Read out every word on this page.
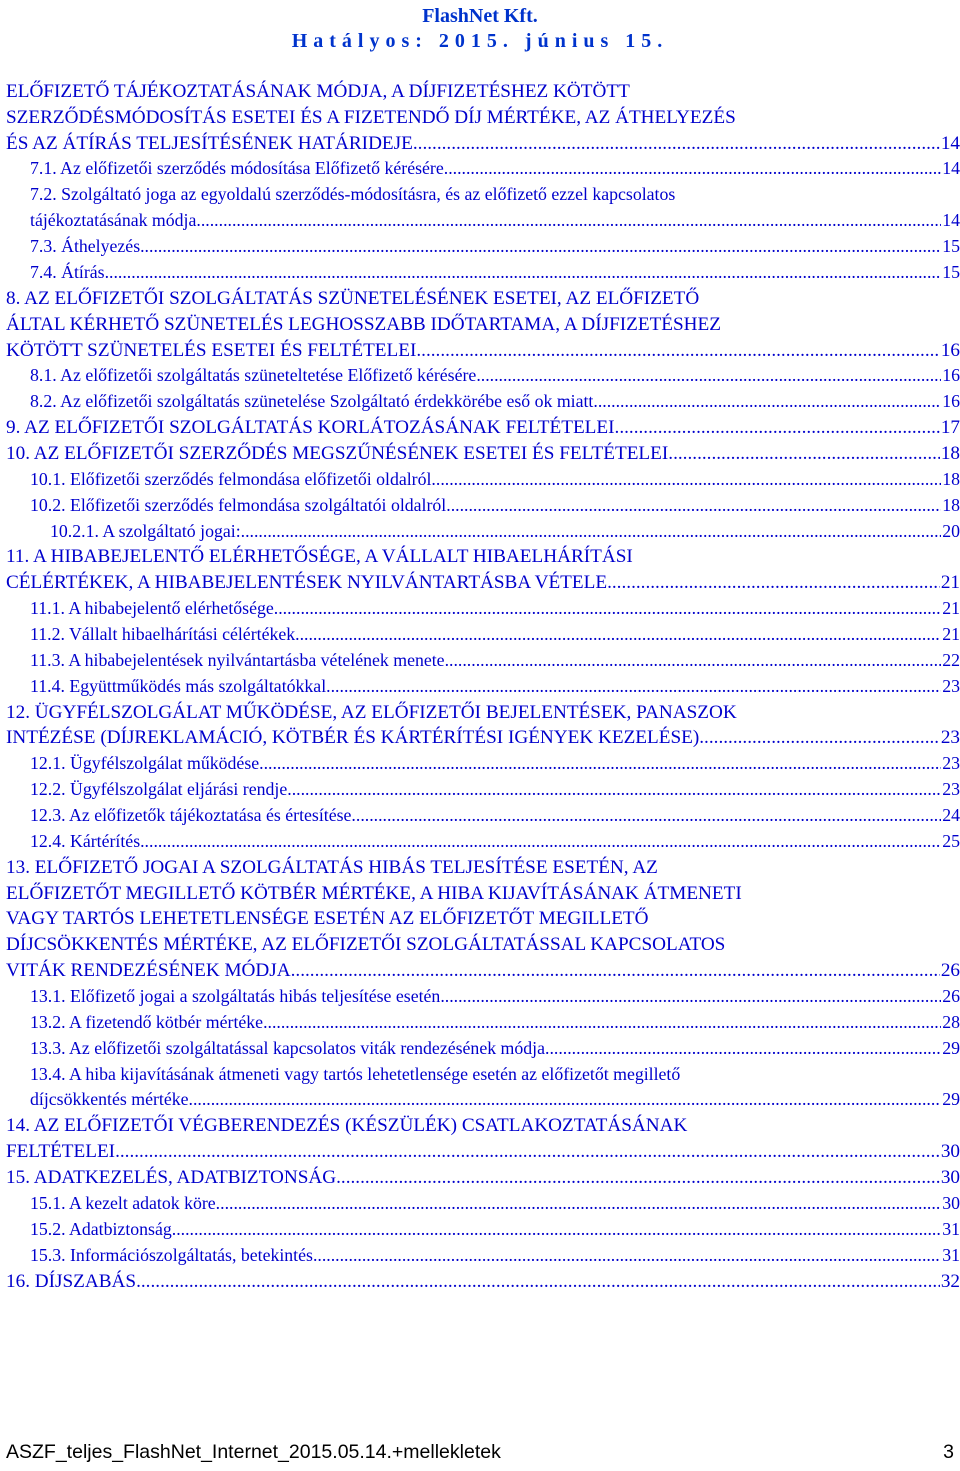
FlashNet Kft.
Hatályos: 2015. június 15.
ELŐFIZETŐ TÁJÉKOZTATÁSÁNAK MÓDJA, A DÍJFIZETÉSHEZ KÖTÖTT
SZERZŐDÉSMÓDOSÍTÁS ESETEI ÉS A FIZETENDŐ DÍJ MÉRTÉKE, AZ ÁTHELYEZÉS
ÉS AZ ÁTÍRÁS TELJESÍTÉSÉNEK HATÁRIDEJE. .....	14
7.1. Az előfizetői szerződés módosítása Előfizető kérésére .....	14
7.2. Szolgáltató joga az egyoldalú szerződés-módosításra, és az előfizető ezzel kapcsolatos
tájékoztatásának módja .....	14
7.3. Áthelyezés .....	15
7.4. Átírás .....	15
8. AZ ELŐFIZETŐI SZOLGÁLTATÁS SZÜNETELÉSÉNEK ESETEI, AZ ELŐFIZETŐ
ÁLTAL KÉRHETŐ SZÜNETELÉS LEGHOSSZABB IDŐTARTAMA, A DÍJFIZETÉSHEZ
KÖTÖTT SZÜNETELÉS ESETEI ÉS FELTÉTELEI .....	16
8.1. Az előfizetői szolgáltatás szüneteltetése Előfizető kérésére .....	16
8.2. Az előfizetői szolgáltatás szünetelése Szolgáltató érdekkörébe eső ok miatt .....	16
9. AZ ELŐFIZETŐI SZOLGÁLTATÁS KORLÁTOZÁSÁNAK FELTÉTELEI .....	17
10. AZ ELŐFIZETŐI SZERZŐDÉS MEGSZŰNÉSÉNEK ESETEI ÉS FELTÉTELEI .....	18
10.1. Előfizetői szerződés felmondása előfizetői oldalról .....	18
10.2. Előfizetői szerződés felmondása szolgáltatói oldalról .....	18
10.2.1. A szolgáltató jogai: .....	20
11. A HIBABEJELENTŐ ELÉRHETŐSÉGE, A VÁLLALT HIBAELHÁRÍTÁSI
CÉLÉRTÉKEK, A HIBABEJELENTÉSEK NYILVÁNTARTÁSBA VÉTELE .....	21
11.1. A hibabejelentő elérhetősége .....	21
11.2. Vállalt hibaelhárítási célértékek .....	21
11.3. A hibabejelentések nyilvántartásba vételének menete .....	22
11.4. Együttműködés más szolgáltatókkal .....	23
12. ÜGYFÉLSZOLGÁLAT MŰKÖDÉSE, AZ ELŐFIZETŐI BEJELENTÉSEK, PANASZOK
INTÉZÉSE (DÍJREKLAMÁCIÓ, KÖTBÉR ÉS KÁRTÉRÍTÉSI IGÉNYEK KEZELÉSE) .....	23
12.1. Ügyfélszolgálat működése .....	23
12.2. Ügyfélszolgálat eljárási rendje .....	23
12.3. Az előfizetők tájékoztatása és értesítése .....	24
12.4. Kártérítés .....	25
13. ELŐFIZETŐ JOGAI A SZOLGÁLTATÁS HIBÁS TELJESÍTÉSE ESETÉN, AZ
ELŐFIZETŐT MEGILLETŐ KÖTBÉR MÉRTÉKE, A HIBA KIJAVÍTÁSÁNAK ÁTMENETI
VAGY TARTÓS LEHETETLENSÉGE ESETÉN AZ ELŐFIZETŐT MEGILLETŐ
DÍJCSÖKKENTÉS MÉRTÉKE, AZ ELŐFIZETŐI SZOLGÁLTATÁSSAL KAPCSOLATOS
VITÁK RENDEZÉSÉNEK MÓDJA .....	26
13.1. Előfizető jogai a szolgáltatás hibás teljesítése esetén .....	26
13.2. A fizetendő kötbér mértéke .....	28
13.3. Az előfizetői szolgáltatással kapcsolatos viták rendezésének módja .....	29
13.4. A hiba kijavításának átmeneti vagy tartós lehetetlensége esetén az előfizetőt megillető
díjcsökkentés mértéke .....	29
14. AZ ELŐFIZETŐI VÉGBERENDEZÉS (KÉSZÜLÉK) CSATLAKOZTATÁSÁNAK
FELTÉTELEI .....	30
15. ADATKEZELÉS, ADATBIZTONSÁG .....	30
15.1. A kezelt adatok köre .....	30
15.2. Adatbiztonság .....	31
15.3. Információszolgáltatás, betekintés .....	31
16. DÍJSZABÁS .....	32
ASZF_teljes_FlashNet_Internet_2015.05.14.+mellekletek	3
